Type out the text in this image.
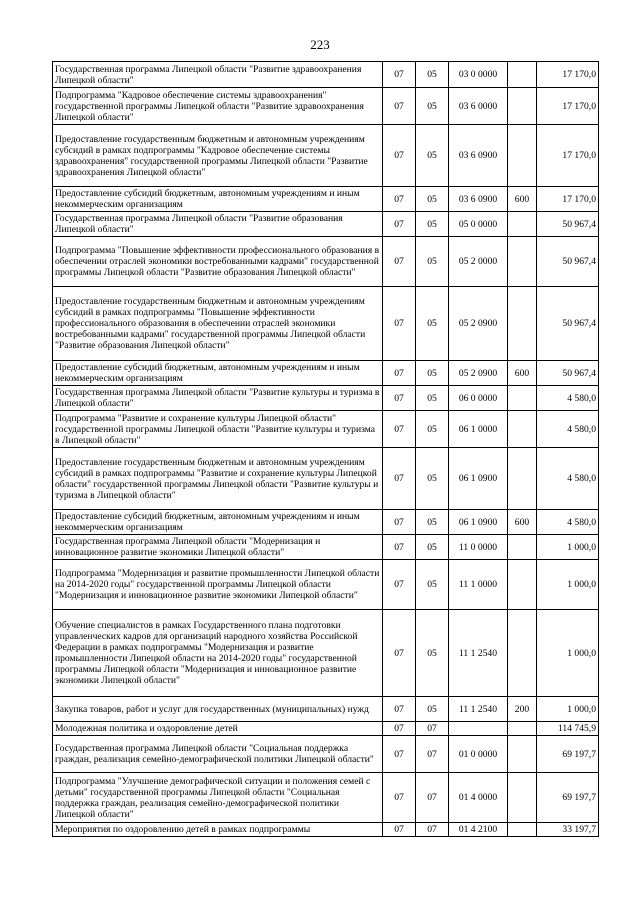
223
Государственная программа Липецкой области "Развитие здравоохранения Липецкой области"	07	05	03 0 0000		17 170,0
Подпрограмма "Кадровое обеспечение системы здравоохранения" государственной программы Липецкой области "Развитие здравоохранения Липецкой области"	07	05	03 6 0000		17 170,0
Предоставление государственным бюджетным и автономным учреждениям субсидий в рамках подпрограммы "Кадровое обеспечение системы здравоохранения" государственной программы Липецкой области "Развитие здравоохранения Липецкой области"	07	05	03 6 0900		17 170,0
Предоставление субсидий бюджетным, автономным учреждениям и иным некоммерческим организациям	07	05	03 6 0900	600	17 170,0
Государственная программа Липецкой области "Развитие образования Липецкой области"	07	05	05 0 0000		50 967,4
Подпрограмма "Повышение эффективности профессионального образования в обеспечении отраслей экономики востребованными кадрами" государственной программы Липецкой области "Развитие образования Липецкой области"	07	05	05 2 0000		50 967,4
Предоставление государственным бюджетным и автономным учреждениям субсидий в рамках подпрограммы "Повышение эффективности профессионального образования в обеспечении отраслей экономики востребованными кадрами" государственной программы Липецкой области "Развитие образования Липецкой области"	07	05	05 2 0900		50 967,4
Предоставление субсидий бюджетным, автономным учреждениям и иным некоммерческим организациям	07	05	05 2 0900	600	50 967,4
Государственная программа Липецкой области "Развитие культуры и туризма в Липецкой области"	07	05	06 0 0000		4 580,0
Подпрограмма "Развитие и сохранение культуры Липецкой области" государственной программы Липецкой области "Развитие культуры и туризма в Липецкой области"	07	05	06 1 0000		4 580,0
Предоставление государственным бюджетным и автономным учреждениям субсидий в рамках подпрограммы "Развитие и сохранение культуры Липецкой области" государственной программы Липецкой области "Развитие культуры и туризма в Липецкой области"	07	05	06 1 0900		4 580,0
Предоставление субсидий бюджетным, автономным учреждениям и иным некоммерческим организациям	07	05	06 1 0900	600	4 580,0
Государственная программа Липецкой области "Модернизация и инновационное развитие экономики Липецкой области"	07	05	11 0 0000		1 000,0
Подпрограмма "Модернизация и развитие промышленности Липецкой области на 2014-2020 годы" государственной программы Липецкой области "Модернизация и инновационное развитие экономики Липецкой области"	07	05	11 1 0000		1 000,0
Обучение специалистов в рамках Государственного плана подготовки управленческих кадров для организаций народного хозяйства Российской Федерации в рамках подпрограммы "Модернизация и развитие промышленности Липецкой области на 2014-2020 годы" государственной программы Липецкой области "Модернизация и инновационное развитие экономики Липецкой области"	07	05	11 1 2540		1 000,0
Закупка товаров, работ и услуг для государственных (муниципальных) нужд	07	05	11 1 2540	200	1 000,0
Молодежная политика и оздоровление детей	07	07			114 745,9
Государственная программа Липецкой области "Социальная поддержка граждан, реализация семейно-демографической политики Липецкой области"	07	07	01 0 0000		69 197,7
Подпрограмма "Улучшение демографической ситуации и положения семей с детьми" государственной программы Липецкой области "Социальная поддержка граждан, реализация семейно-демографической политики Липецкой области"	07	07	01 4 0000		69 197,7
Мероприятия по оздоровлению детей в рамках подпрограммы	07	07	01 4 2100		33 197,7
